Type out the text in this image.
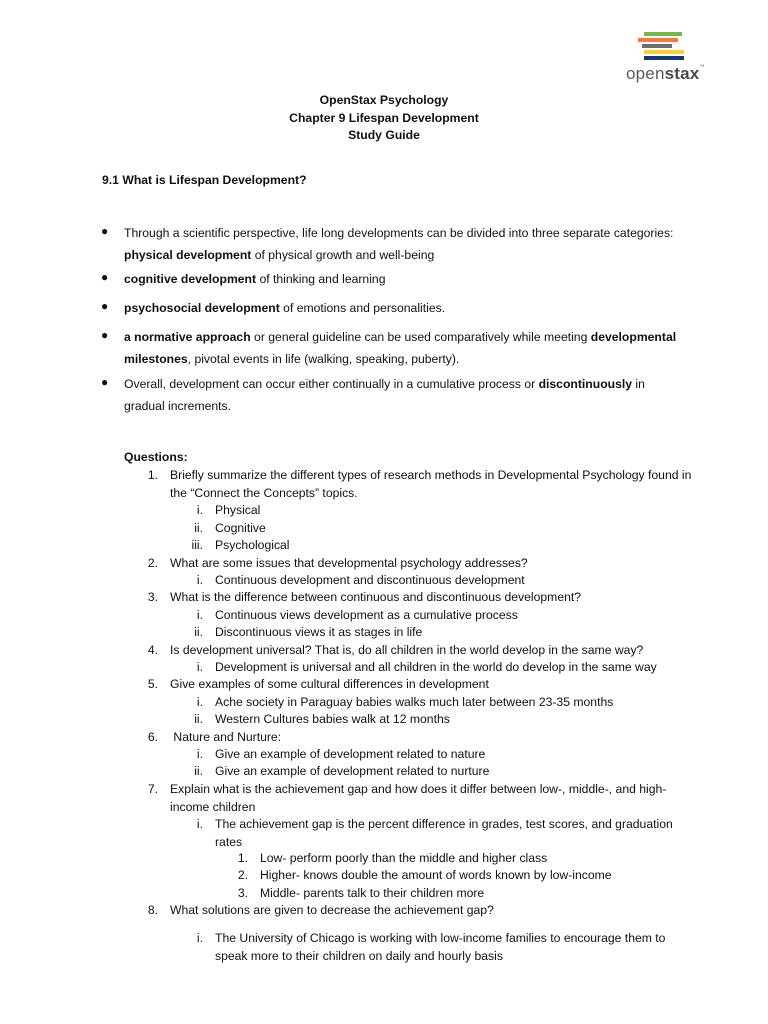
openstax™
OpenStax Psychology
Chapter 9 Lifespan Development
Study Guide
9.1 What is Lifespan Development?
● Through a scientific perspective, life long developments can be divided into three separate categories:
physical development of physical growth and well-being
● cognitive development of thinking and learning
● psychosocial development of emotions and personalities.
● a normative approach or general guideline can be used comparatively while meeting developmental milestones, pivotal events in life (walking, speaking, puberty).
● Overall, development can occur either continually in a cumulative process or discontinuously in gradual increments.
Questions:
1. Briefly summarize the different types of research methods in Developmental Psychology found in the “Connect the Concepts” topics.
i. Physical
ii. Cognitive
iii. Psychological
2. What are some issues that developmental psychology addresses?
i. Continuous development and discontinuous development
3. What is the difference between continuous and discontinuous development?
i. Continuous views development as a cumulative process
ii. Discontinuous views it as stages in life
4. Is development universal? That is, do all children in the world develop in the same way?
i. Development is universal and all children in the world do develop in the same way
5. Give examples of some cultural differences in development
i. Ache society in Paraguay babies walks much later between 23-35 months
ii. Western Cultures babies walk at 12 months
6. Nature and Nurture:
i. Give an example of development related to nature
ii. Give an example of development related to nurture
7. Explain what is the achievement gap and how does it differ between low-, middle-, and high-income children
i. The achievement gap is the percent difference in grades, test scores, and graduation rates
1. Low- perform poorly than the middle and higher class
2. Higher- knows double the amount of words known by low-income
3. Middle- parents talk to their children more
8. What solutions are given to decrease the achievement gap?
i. The University of Chicago is working with low-income families to encourage them to speak more to their children on daily and hourly basis
